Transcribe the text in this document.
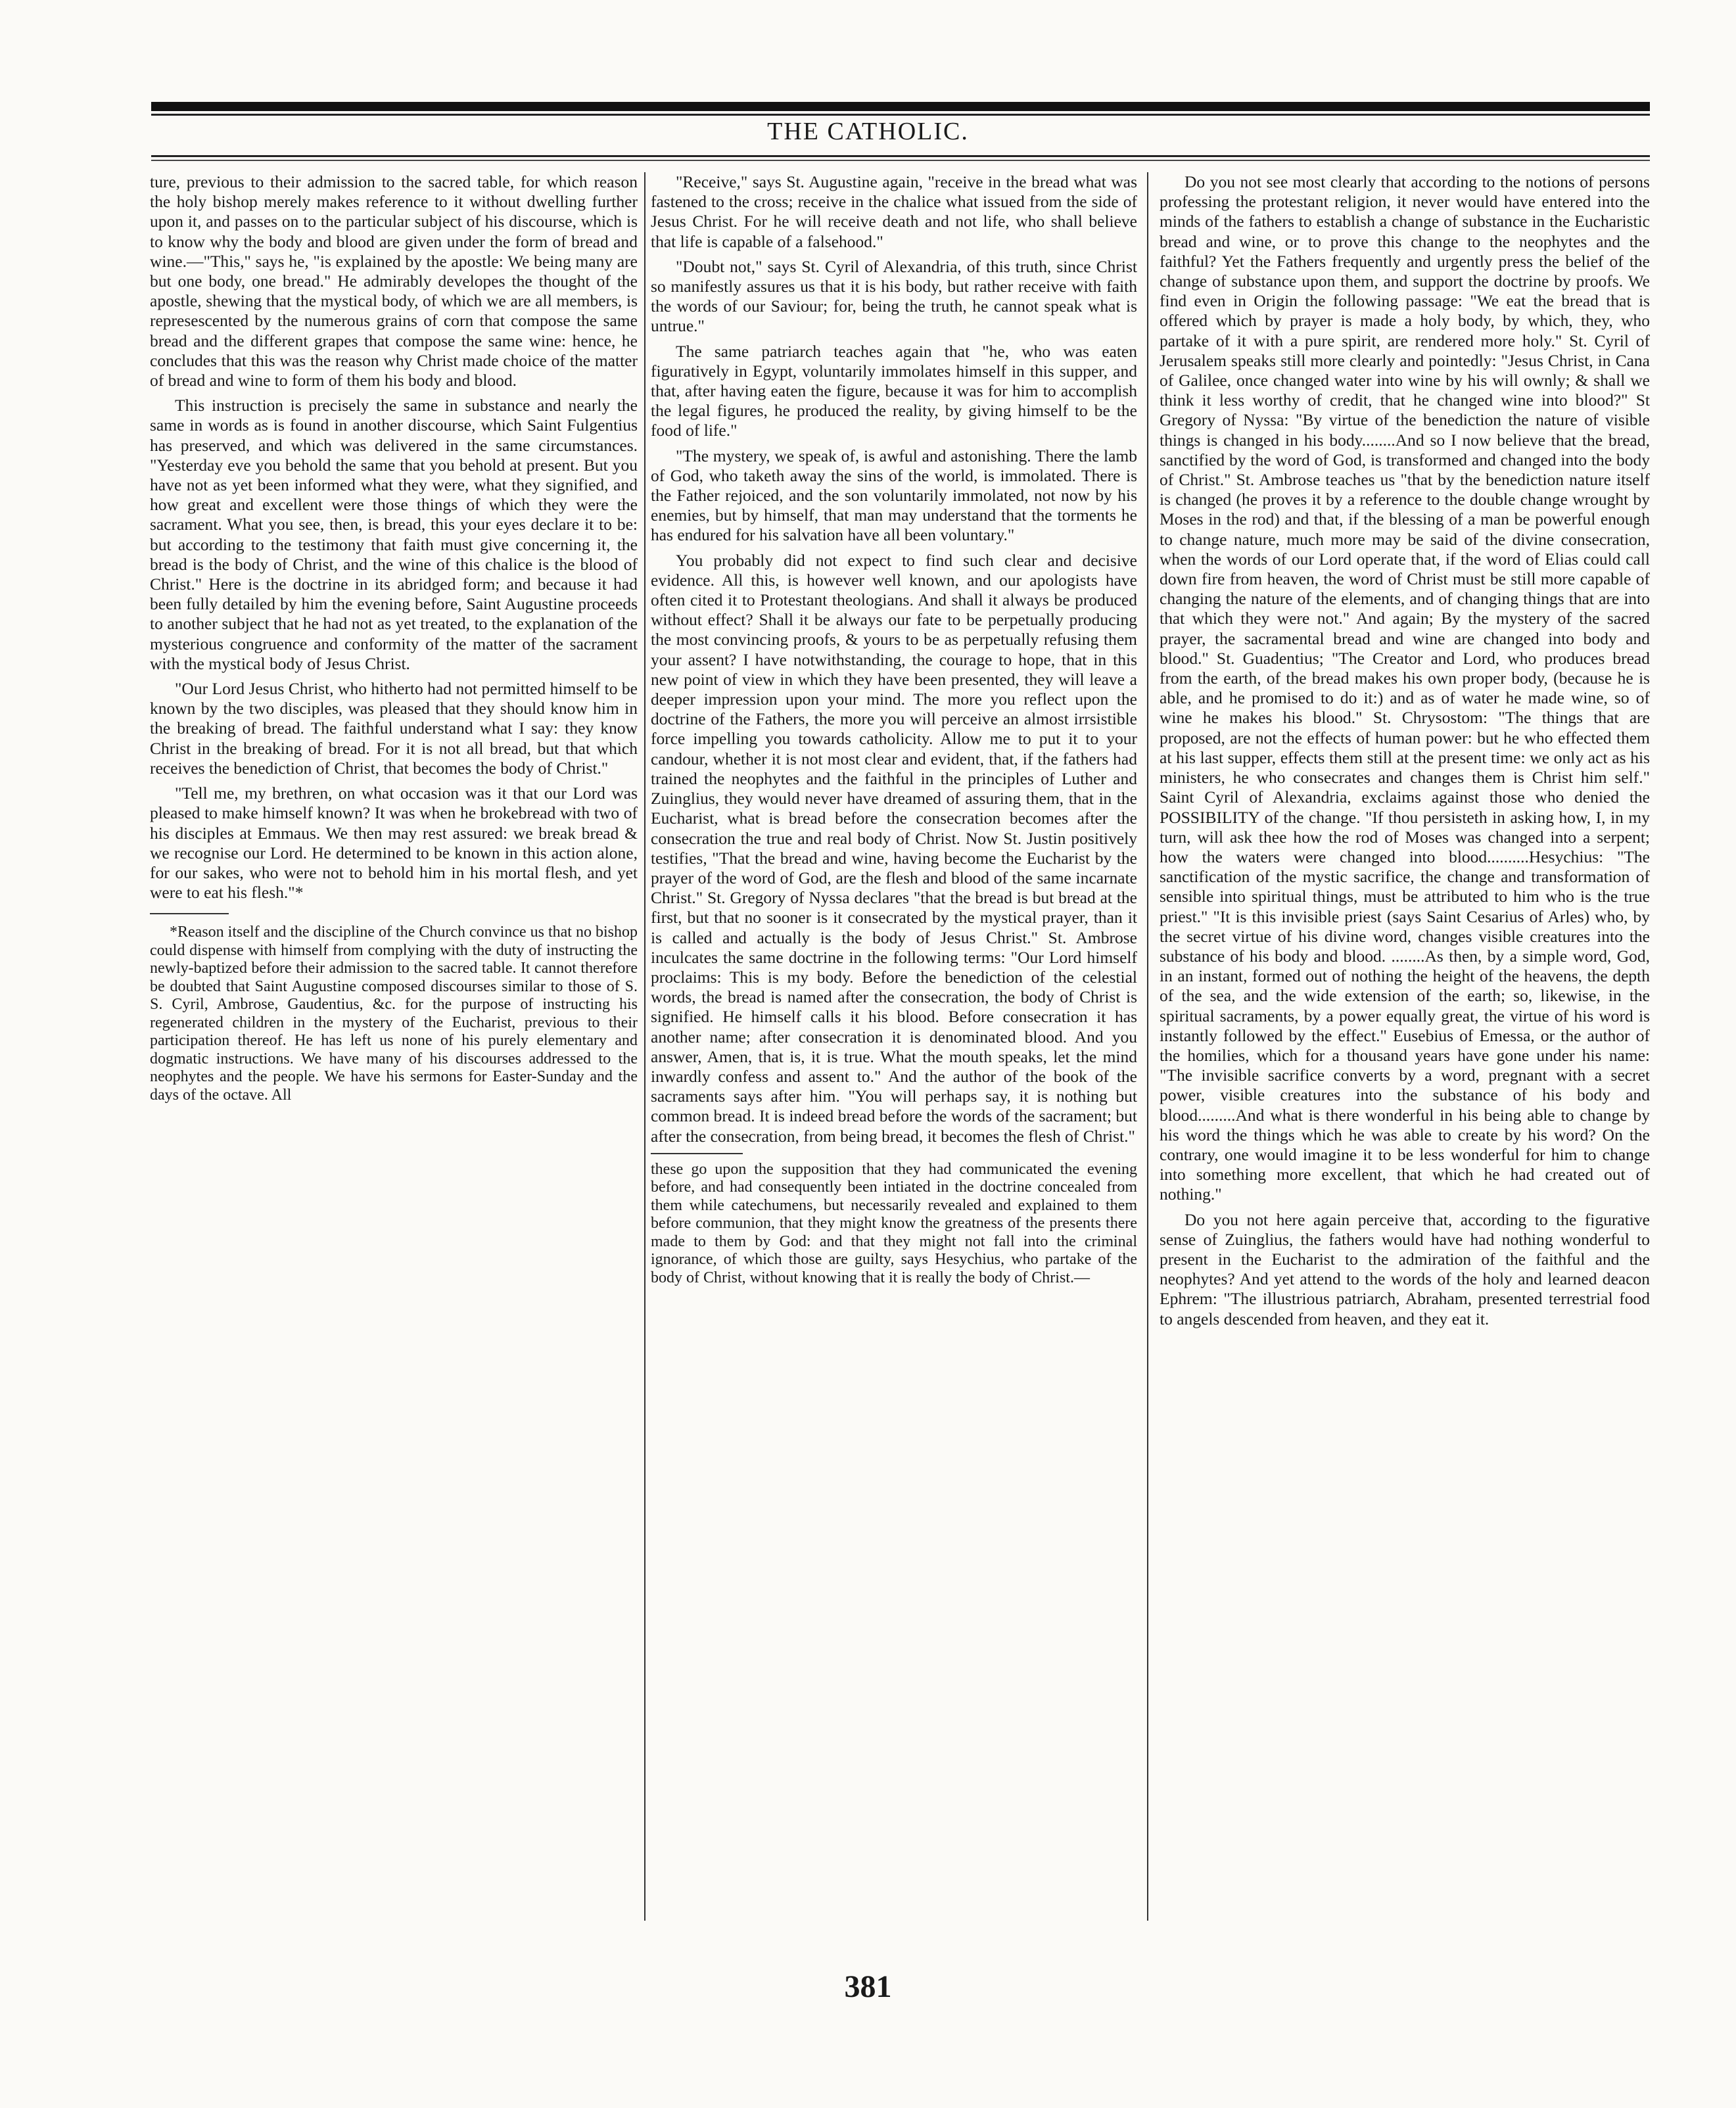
THE CATHOLIC.

ture, previous to their admission to the sacred table, for which reason the holy bishop merely makes reference to it without dwelling further upon it, and passes on to the particular subject of his discourse, which is to know why the body and blood are given under the form of bread and wine.—"This," says he, "is explained by the apostle: We being many are but one body, one bread." He admirably developes the thought of the apostle, shewing that the mystical body, of which we are all members, is represescented by the numerous grains of corn that compose the same bread and the different grapes that compose the same wine: hence, he concludes that this was the reason why Christ made choice of the matter of bread and wine to form of them his body and blood.

This instruction is precisely the same in substance and nearly the same in words as is found in another discourse, which Saint Fulgentius has preserved, and which was delivered in the same circumstances. "Yesterday eve you behold the same that you behold at present. But you have not as yet been informed what they were, what they signified, and how great and excellent were those things of which they were the sacrament. What you see, then, is bread, this your eyes declare it to be: but according to the testimony that faith must give concerning it, the bread is the body of Christ, and the wine of this chalice is the blood of Christ." Here is the doctrine in its abridged form; and because it had been fully detailed by him the evening before, Saint Augustine proceeds to another subject that he had not as yet treated, to the explanation of the mysterious congruence and conformity of the matter of the sacrament with the mystical body of Jesus Christ.

"Our Lord Jesus Christ, who hitherto had not permitted himself to be known by the two disciples, was pleased that they should know him in the breaking of bread. The faithful understand what I say: they know Christ in the breaking of bread. For it is not all bread, but that which receives the benediction of Christ, that becomes the body of Christ."

"Tell me, my brethren, on what occasion was it that our Lord was pleased to make himself known? It was when he brokebread with two of his disciples at Emmaus. We then may rest assured: we break bread & we recognise our Lord. He determined to be known in this action alone, for our sakes, who were not to behold him in his mortal flesh, and yet were to eat his flesh."*

*Reason itself and the discipline of the Church convince us that no bishop could dispense with himself from complying with the duty of instructing the newly-baptized before their admission to the sacred table. It cannot therefore be doubted that Saint Augustine composed discourses similar to those of S. S. Cyril, Ambrose, Gaudentius, &c. for the purpose of instructing his regenerated children in the mystery of the Eucharist, previous to their participation thereof. He has left us none of his purely elementary and dogmatic instructions. We have many of his discourses addressed to the neophytes and the people. We have his sermons for Easter-Sunday and the days of the octave. All

"Receive," says St. Augustine again, "receive in the bread what was fastened to the cross; receive in the chalice what issued from the side of Jesus Christ. For he will receive death and not life, who shall believe that life is capable of a falsehood."

"Doubt not," says St. Cyril of Alexandria, of this truth, since Christ so manifestly assures us that it is his body, but rather receive with faith the words of our Saviour; for, being the truth, he cannot speak what is untrue."

The same patriarch teaches again that "he, who was eaten figuratively in Egypt, voluntarily immolates himself in this supper, and that, after having eaten the figure, because it was for him to accomplish the legal figures, he produced the reality, by giving himself to be the food of life."

"The mystery, we speak of, is awful and astonishing. There the lamb of God, who taketh away the sins of the world, is immolated. There is the Father rejoiced, and the son voluntarily immolated, not now by his enemies, but by himself, that man may understand that the torments he has endured for his salvation have all been voluntary."

You probably did not expect to find such clear and decisive evidence. All this, is however well known, and our apologists have often cited it to Protestant theologians. And shall it always be produced without effect? Shall it be always our fate to be perpetually producing the most convincing proofs, & yours to be as perpetually refusing them your assent? I have notwithstanding, the courage to hope, that in this new point of view in which they have been presented, they will leave a deeper impression upon your mind. The more you reflect upon the doctrine of the Fathers, the more you will perceive an almost irrsistible force impelling you towards catholicity. Allow me to put it to your candour, whether it is not most clear and evident, that, if the fathers had trained the neophytes and the faithful in the principles of Luther and Zuinglius, they would never have dreamed of assuring them, that in the Eucharist, what is bread before the consecration becomes after the consecration the true and real body of Christ. Now St. Justin positively testifies, "That the bread and wine, having become the Eucharist by the prayer of the word of God, are the flesh and blood of the same incarnate Christ." St. Gregory of Nyssa declares "that the bread is but bread at the first, but that no sooner is it consecrated by the mystical prayer, than it is called and actually is the body of Jesus Christ." St. Ambrose inculcates the same doctrine in the following terms: "Our Lord himself proclaims: This is my body. Before the benediction of the celestial words, the bread is named after the consecration, the body of Christ is signified. He himself calls it his blood. Before consecration it has another name; after consecration it is denominated blood. And you answer, Amen, that is, it is true. What the mouth speaks, let the mind inwardly confess and assent to." And the author of the book of the sacraments says after him. "You will perhaps say, it is nothing but common bread. It is indeed bread before the words of the sacrament; but after the consecration, from being bread, it becomes the flesh of Christ."

these go upon the supposition that they had communicated the evening before, and had consequently been intiated in the doctrine concealed from them while catechumens, but necessarily revealed and explained to them before communion, that they might know the greatness of the presents there made to them by God: and that they might not fall into the criminal ignorance, of which those are guilty, says Hesychius, who partake of the body of Christ, without knowing that it is really the body of Christ.—

Do you not see most clearly that according to the notions of persons professing the protestant religion, it never would have entered into the minds of the fathers to establish a change of substance in the Eucharistic bread and wine, or to prove this change to the neophytes and the faithful? Yet the Fathers frequently and urgently press the belief of the change of substance upon them, and support the doctrine by proofs. We find even in Origin the following passage: "We eat the bread that is offered which by prayer is made a holy body, by which, they, who partake of it with a pure spirit, are rendered more holy." St. Cyril of Jerusalem speaks still more clearly and pointedly: "Jesus Christ, in Cana of Galilee, once changed water into wine by his will ownly; & shall we think it less worthy of credit, that he changed wine into blood?" St Gregory of Nyssa: "By virtue of the benediction the nature of visible things is changed in his body........And so I now believe that the bread, sanctified by the word of God, is transformed and changed into the body of Christ." St. Ambrose teaches us "that by the benediction nature itself is changed (he proves it by a reference to the double change wrought by Moses in the rod) and that, if the blessing of a man be powerful enough to change nature, much more may be said of the divine consecration, when the words of our Lord operate that, if the word of Elias could call down fire from heaven, the word of Christ must be still more capable of changing the nature of the elements, and of changing things that are into that which they were not." And again; By the mystery of the sacred prayer, the sacramental bread and wine are changed into body and blood." St. Guadentius; "The Creator and Lord, who produces bread from the earth, of the bread makes his own proper body, (because he is able, and he promised to do it:) and as of water he made wine, so of wine he makes his blood." St. Chrysostom: "The things that are proposed, are not the effects of human power: but he who effected them at his last supper, effects them still at the present time: we only act as his ministers, he who consecrates and changes them is Christ him self." Saint Cyril of Alexandria, exclaims against those who denied the POSSIBILITY of the change. "If thou persisteth in asking how, I, in my turn, will ask thee how the rod of Moses was changed into a serpent; how the waters were changed into blood..........Hesychius: "The sanctification of the mystic sacrifice, the change and transformation of sensible into spiritual things, must be attributed to him who is the true priest." "It is this invisible priest (says Saint Cesarius of Arles) who, by the secret virtue of his divine word, changes visible creatures into the substance of his body and blood. ........As then, by a simple word, God, in an instant, formed out of nothing the height of the heavens, the depth of the sea, and the wide extension of the earth; so, likewise, in the spiritual sacraments, by a power equally great, the virtue of his word is instantly followed by the effect." Eusebius of Emessa, or the author of the homilies, which for a thousand years have gone under his name: "The invisible sacrifice converts by a word, pregnant with a secret power, visible creatures into the substance of his body and blood.........And what is there wonderful in his being able to change by his word the things which he was able to create by his word? On the contrary, one would imagine it to be less wonderful for him to change into something more excellent, that which he had created out of nothing."

Do you not here again perceive that, according to the figurative sense of Zuinglius, the fathers would have had nothing wonderful to present in the Eucharist to the admiration of the faithful and the neophytes? And yet attend to the words of the holy and learned deacon Ephrem: "The illustrious patriarch, Abraham, presented terrestrial food to angels descended from heaven, and they eat it.

381
